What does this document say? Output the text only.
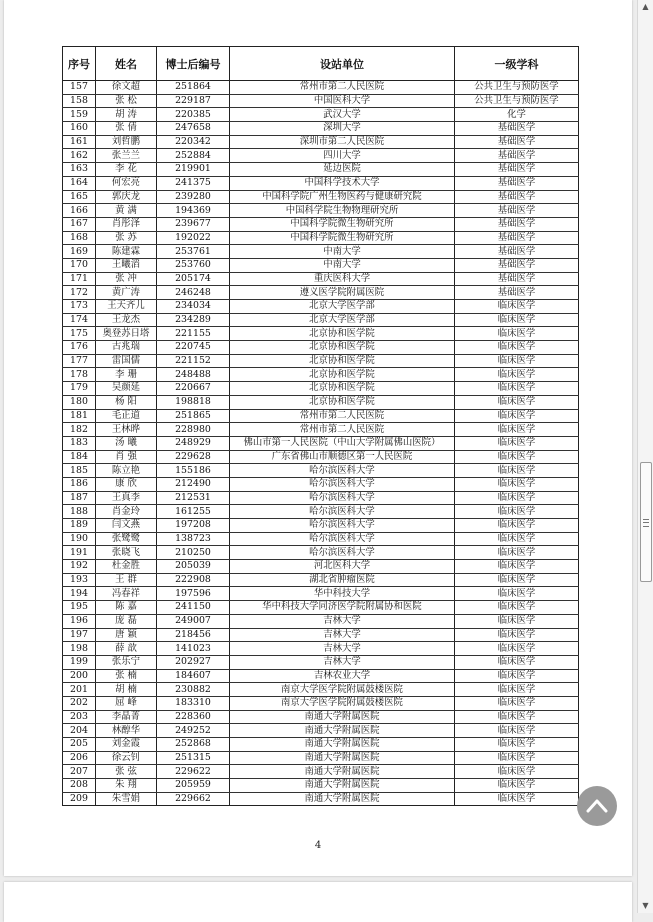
序号	姓名	博士后编号	设站单位	一级学科
157	徐文超	251864	常州市第二人民医院	公共卫生与预防医学
158	张 松	229187	中国医科大学	公共卫生与预防医学
159	胡 涛	220385	武汉大学	化学
160	张 倩	247658	深圳大学	基础医学
161	刘哲鹏	220342	深圳市第二人民医院	基础医学
162	张兰兰	252884	四川大学	基础医学
163	李 花	219901	延边医院	基础医学
164	何宏亮	241375	中国科学技术大学	基础医学
165	郭庆龙	239280	中国科学院广州生物医药与健康研究院	基础医学
166	黄 满	194369	中国科学院生物物理研究所	基础医学
167	肖彤泽	239677	中国科学院微生物研究所	基础医学
168	张 苏	192022	中国科学院微生物研究所	基础医学
169	陈建霖	253761	中南大学	基础医学
170	王曦滔	253760	中南大学	基础医学
171	张 冲	205174	重庆医科大学	基础医学
172	黄广涛	246248	遵义医学院附属医院	基础医学
173	王天齐儿	234034	北京大学医学部	临床医学
174	王龙杰	234289	北京大学医学部	临床医学
175	奥登苏日塔	221155	北京协和医学院	临床医学
176	古兆瑞	220745	北京协和医学院	临床医学
177	雷国儒	221152	北京协和医学院	临床医学
178	李 珊	248488	北京协和医学院	临床医学
179	吴颜延	220667	北京协和医学院	临床医学
180	杨 阳	198818	北京协和医学院	临床医学
181	毛正道	251865	常州市第二人民医院	临床医学
182	王林晔	228980	常州市第二人民医院	临床医学
183	汤 曦	248929	佛山市第一人民医院（中山大学附属佛山医院）	临床医学
184	肖 强	229628	广东省佛山市顺德区第一人民医院	临床医学
185	陈立艳	155186	哈尔滨医科大学	临床医学
186	康 欣	212490	哈尔滨医科大学	临床医学
187	王真李	212531	哈尔滨医科大学	临床医学
188	肖金玲	161255	哈尔滨医科大学	临床医学
189	闫文燕	197208	哈尔滨医科大学	临床医学
190	张鹭鹭	138723	哈尔滨医科大学	临床医学
191	张晓飞	210250	哈尔滨医科大学	临床医学
192	杜金胜	205039	河北医科大学	临床医学
193	王 群	222908	湖北省肿瘤医院	临床医学
194	冯春祥	197596	华中科技大学	临床医学
195	陈 嘉	241150	华中科技大学同济医学院附属协和医院	临床医学
196	庞 磊	249007	吉林大学	临床医学
197	唐 颖	218456	吉林大学	临床医学
198	薛 歆	141023	吉林大学	临床医学
199	张乐宁	202927	吉林大学	临床医学
200	张 楠	184607	吉林农业大学	临床医学
201	胡 楠	230882	南京大学医学院附属鼓楼医院	临床医学
202	屈 峰	183310	南京大学医学院附属鼓楼医院	临床医学
203	李晶菁	228360	南通大学附属医院	临床医学
204	林醇华	249252	南通大学附属医院	临床医学
205	刘金霞	252868	南通大学附属医院	临床医学
206	徐云钊	251315	南通大学附属医院	临床医学
207	张 弦	229622	南通大学附属医院	临床医学
208	朱 翔	205959	南通大学附属医院	临床医学
209	朱雪娟	229662	南通大学附属医院	临床医学
4
▲
▼
